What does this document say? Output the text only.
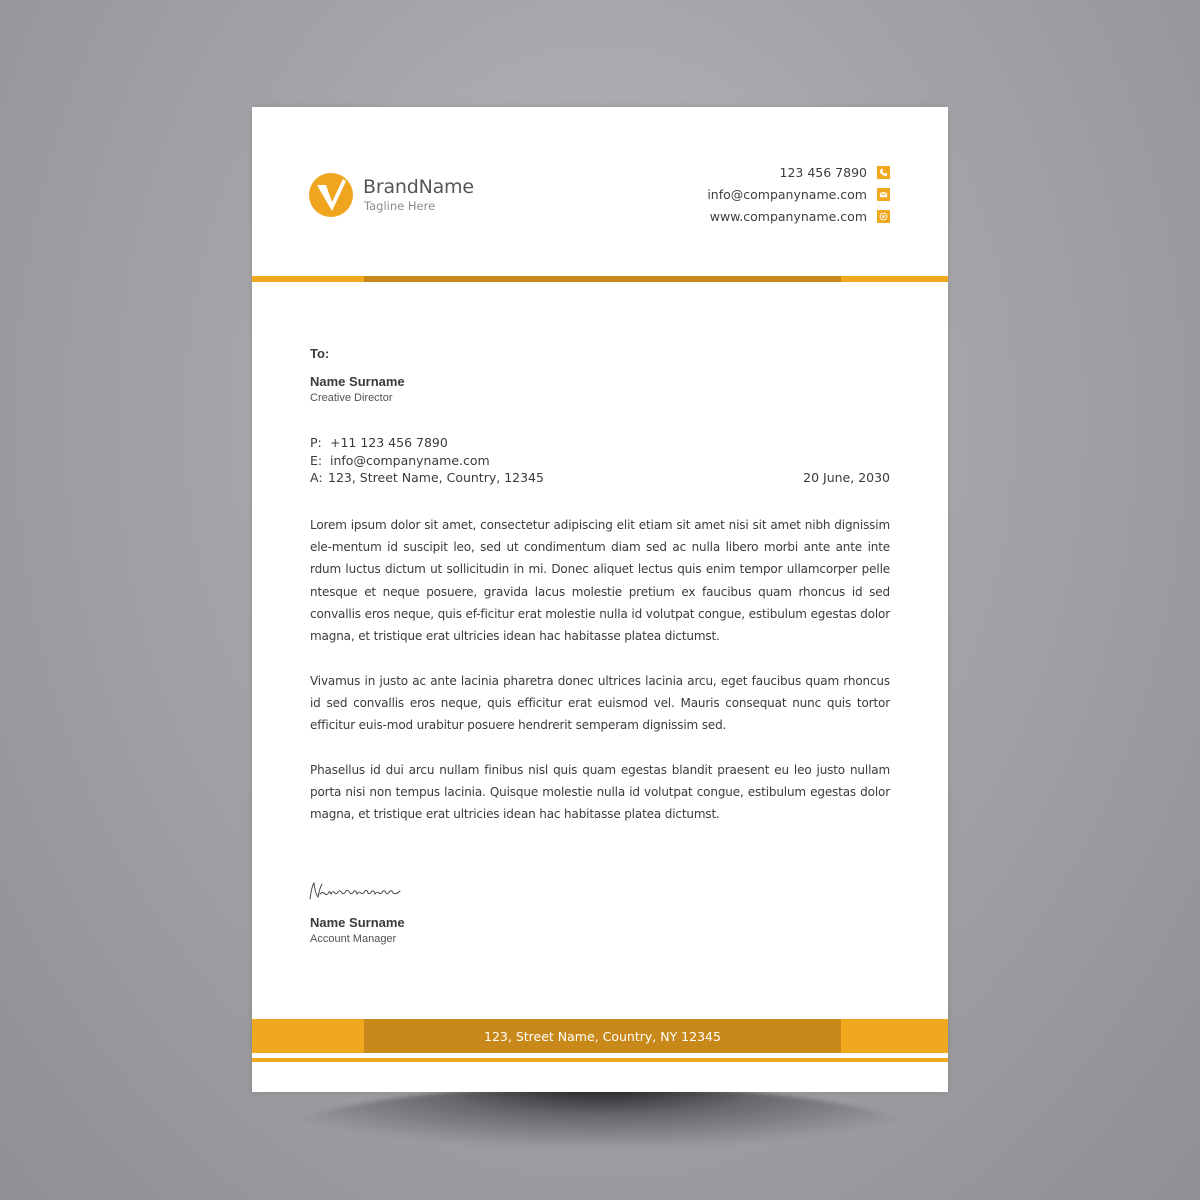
BrandName
Tagline Here
123 456 7890
info@companyname.com
www.companyname.com
To:
Name Surname
Creative Director
P: +11 123 456 7890
E: info@companyname.com
A: 123, Street Name, Country, 12345	20 June, 2030

Lorem ipsum dolor sit amet, consectetur adipiscing elit etiam sit amet nisi sit amet nibh dignissim ele-mentum id suscipit leo, sed ut condimentum diam sed ac nulla libero morbi ante ante inte rdum luctus dictum ut sollicitudin in mi. Donec aliquet lectus quis enim tempor ullamcorper pelle ntesque et neque posuere, gravida lacus molestie pretium ex faucibus quam rhoncus id sed convallis eros neque, quis ef-ficitur erat molestie nulla id volutpat congue, estibulum egestas dolor magna, et tristique erat ultricies idean hac habitasse platea dictumst.

Vivamus in justo ac ante lacinia pharetra donec ultrices lacinia arcu, eget faucibus quam rhoncus id sed convallis eros neque, quis efficitur erat euismod vel. Mauris consequat nunc quis tortor efficitur euis-mod urabitur posuere hendrerit semperam dignissim sed.

Phasellus id dui arcu nullam finibus nisl quis quam egestas blandit praesent eu leo justo nullam porta nisi non tempus lacinia. Quisque molestie nulla id volutpat congue, estibulum egestas dolor magna, et tristique erat ultricies idean hac habitasse platea dictumst.

Name Surname
Account Manager
123, Street Name, Country, NY 12345
